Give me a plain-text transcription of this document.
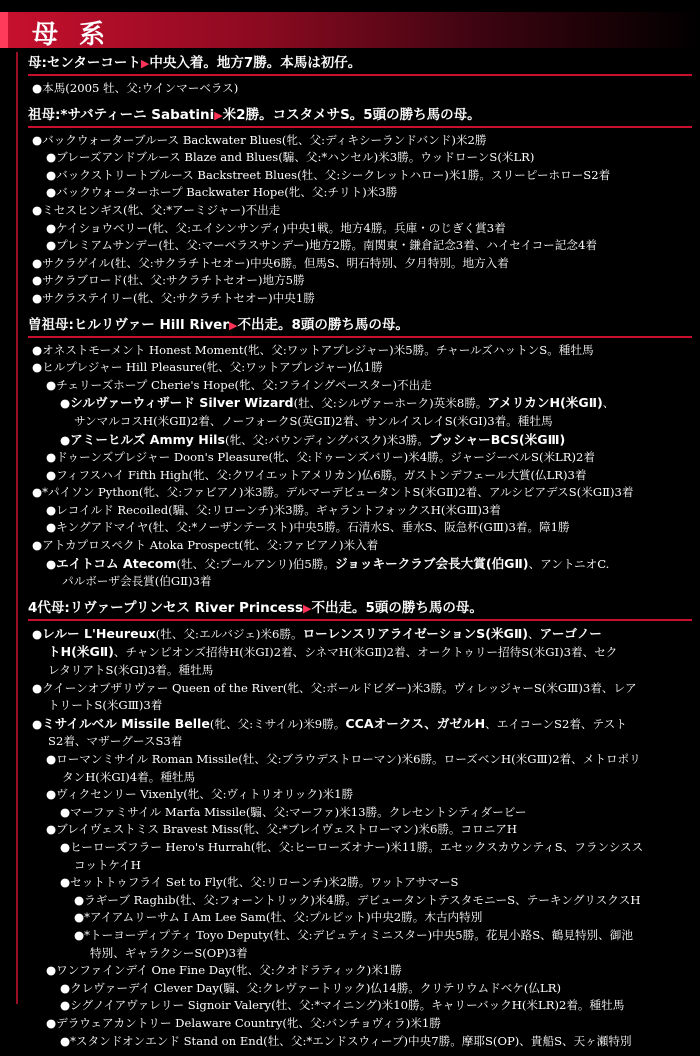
母 系
母:センターコート▶中央入着。地方7勝。本馬は初仔。
●本馬(2005 牡、父:ウインマーベラス)
祖母:*サバティーニ Sabatini▶米2勝。コスタメサS。5頭の勝ち馬の母。
●バックウォーターブルース Backwater Blues(牝、父:ディキシーランドバンド)米2勝
●ブレーズアンドブルース Blaze and Blues(騸、父:*ハンセル)米3勝。ウッドローンS(米LR)
●バックストリートブルース Backstreet Blues(牡、父:シークレットハロー)米1勝。スリーピーホローS2着
●バックウォーターホープ Backwater Hope(牝、父:チリト)米3勝
●ミセスヒンギス(牝、父:*アーミジャー)不出走
●ケイショウベリー(牝、父:エイシンサンディ)中央1戦。地方4勝。兵庫・のじぎく賞3着
●プレミアムサンデー(牡、父:マーベラスサンデー)地方2勝。南関東・鎌倉記念3着、ハイセイコー記念4着
●サクラゲイル(牡、父:サクラチトセオー)中央6勝。但馬S、明石特別、夕月特別。地方入着
●サクラブロード(牡、父:サクラチトセオー)地方5勝
●サクラステイリー(牝、父:サクラチトセオー)中央1勝
曽祖母:ヒルリヴァー Hill River▶不出走。8頭の勝ち馬の母。
●オネストモーメント Honest Moment(牝、父:ワットアプレジャー)米5勝。チャールズハットンS。種牡馬
●ヒルプレジャー Hill Pleasure(牝、父:ワットアプレジャー)仏1勝
●チェリーズホープ Cherie's Hope(牝、父:フライングペースター)不出走
●シルヴァーウィザード Silver Wizard(牡、父:シルヴァーホーク)英米8勝。アメリカンH(米GⅡ)、
サンマルコスH(米GⅡ)2着、ノーフォークS(英GⅡ)2着、サンルイスレイS(米GⅠ)3着。種牡馬
●アミーヒルズ Ammy Hils(牝、父:バウンディングバスク)米3勝。ブッシャーBCS(米GⅢ)
●ドゥーンズプレジャー Doon's Pleasure(牝、父:ドゥーンズバリー)米4勝。ジャージーベルS(米LR)2着
●フィフスハイ Fifth High(牝、父:クワイエットアメリカン)仏6勝。ガストンデフェール大賞(仏LR)3着
●*パイソン Python(牝、父:ファビアノ)米3勝。デルマーデビュータントS(米GⅡ)2着、アルシビアデスS(米GⅡ)3着
●レコイルド Recoiled(騸、父:リローンチ)米3勝。ギャラントフォックスH(米GⅢ)3着
●キングアドマイヤ(牡、父:*ノーザンテースト)中央5勝。石清水S、垂水S、阪急杯(GⅢ)3着。障1勝
●アトカプロスペクト Atoka Prospect(牝、父:ファビアノ)米入着
●エイトコム Atecom(牡、父:プールアンリ)伯5勝。ジョッキークラブ会長大賞(伯GⅡ)、アントニオC.
パルボーザ会長賞(伯GⅡ)3着
4代母:リヴァープリンセス River Princess▶不出走。5頭の勝ち馬の母。
●レルー L'Heureux(牡、父:エルバジェ)米6勝。ローレンスリアライゼーションS(米GⅡ)、アーゴノー
トH(米GⅡ)、チャンピオンズ招待H(米GⅠ)2着、シネマH(米GⅡ)2着、オークトゥリー招待S(米GⅠ)3着、セク
レタリアトS(米GⅠ)3着。種牡馬
●クイーンオブザリヴァー Queen of the River(牝、父:ボールドビダー)米3勝。ヴィレッジャーS(米GⅢ)3着、レア
トリートS(米GⅢ)3着
●ミサイルベル Missile Belle(牝、父:ミサイル)米9勝。CCAオークス、ガゼルH、エイコーンS2着、テスト
S2着、マザーグースS3着
●ローマンミサイル Roman Missile(牡、父:ブラウデストローマン)米6勝。ローズベンH(米GⅢ)2着、メトロポリ
タンH(米GⅠ)4着。種牡馬
●ヴィクセンリー Vixenly(牝、父:ヴィトリオリック)米1勝
●マーファミサイル Marfa Missile(騸、父:マーファ)米13勝。クレセントシティダービー
●ブレイヴェストミス Bravest Miss(牝、父:*ブレイヴェストローマン)米6勝。コロニアH
●ヒーローズフラー Hero's Hurrah(牝、父:ヒーローズオナー)米11勝。エセックスカウンティS、フランシスス
コットケイH
●セットトゥフライ Set to Fly(牝、父:リローンチ)米2勝。ワットアサマーS
●ラギーブ Raghib(牡、父:フォーントリック)米4勝。デビュータントテスタモニーS、テーキングリスクスH
●*アイアムリーサム I Am Lee Sam(牡、父:プルピット)中央2勝。木古内特別
●*トーヨーディプティ Toyo Deputy(牡、父:デピュティミニスター)中央5勝。花見小路S、鶴見特別、御池
特別、ギャラクシーS(OP)3着
●ワンファインデイ One Fine Day(牝、父:クオドラティック)米1勝
●クレヴァーデイ Clever Day(騸、父:クレヴァートリック)仏14勝。クリテリウムドベケ(仏LR)
●シグノイアヴァレリー Signoir Valery(牡、父:*マイニング)米10勝。キャリーバックH(米LR)2着。種牡馬
●デラウェアカントリー Delaware Country(牝、父:バンチョヴィラ)米1勝
●*スタンドオンエンド Stand on End(牡、父:*エンドスウィープ)中央7勝。摩耶S(OP)、貴船S、天ヶ瀬特別
